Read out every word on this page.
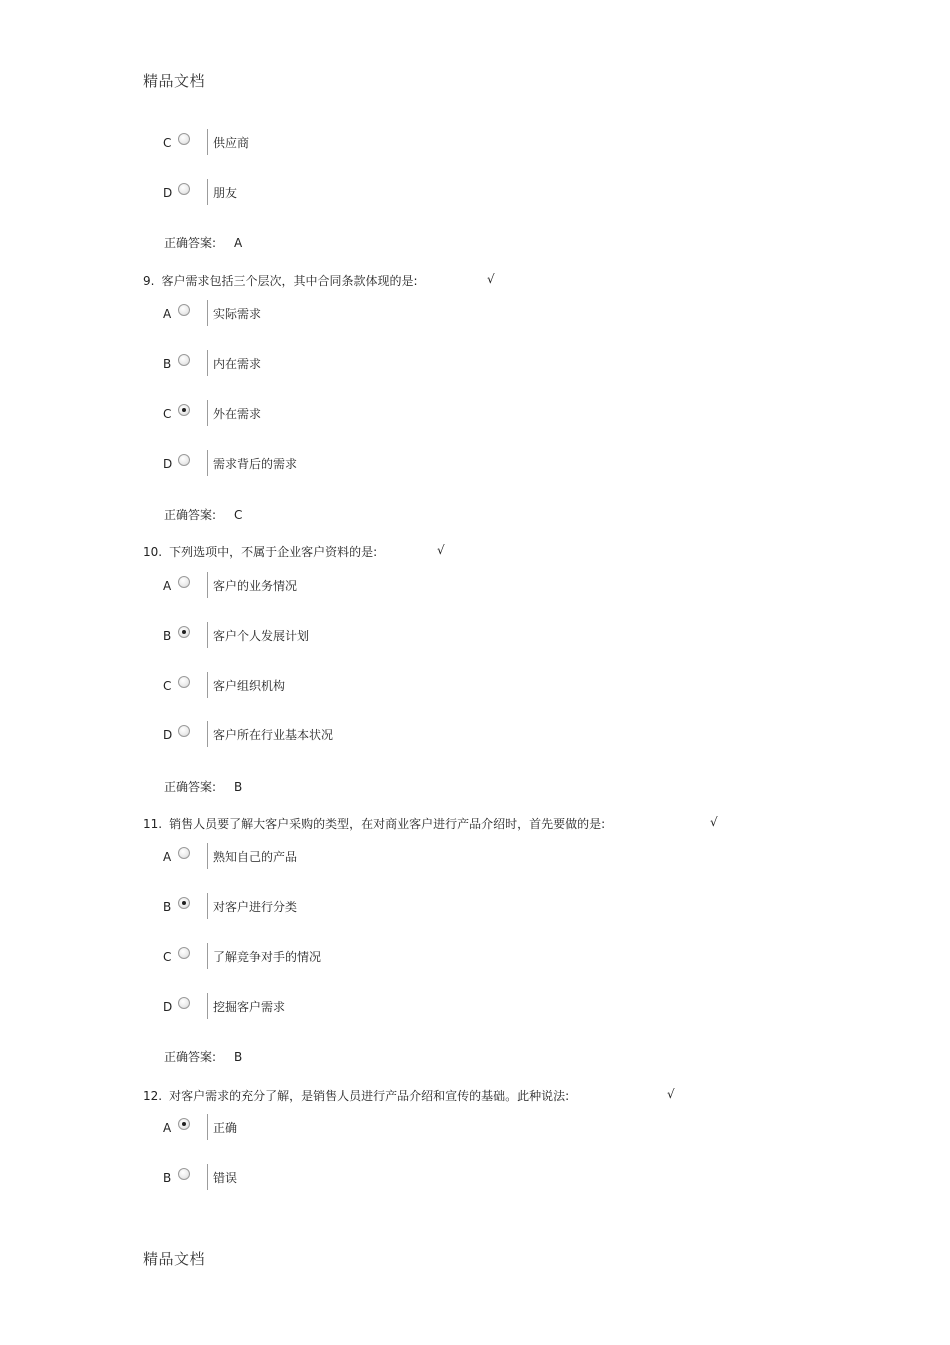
精品文档
C	供应商
D	朋友
正确答案: A
9. 客户需求包括三个层次，其中合同条款体现的是:	√
A	实际需求
B	内在需求
C	外在需求
D	需求背后的需求
正确答案: C
10. 下列选项中，不属于企业客户资料的是:	√
A	客户的业务情况
B	客户个人发展计划
C	客户组织机构
D	客户所在行业基本状况
正确答案: B
11. 销售人员要了解大客户采购的类型，在对商业客户进行产品介绍时，首先要做的是:	√
A	熟知自己的产品
B	对客户进行分类
C	了解竞争对手的情况
D	挖掘客户需求
正确答案: B
12. 对客户需求的充分了解，是销售人员进行产品介绍和宣传的基础。此种说法:	√
A	正确
B	错误
精品文档
